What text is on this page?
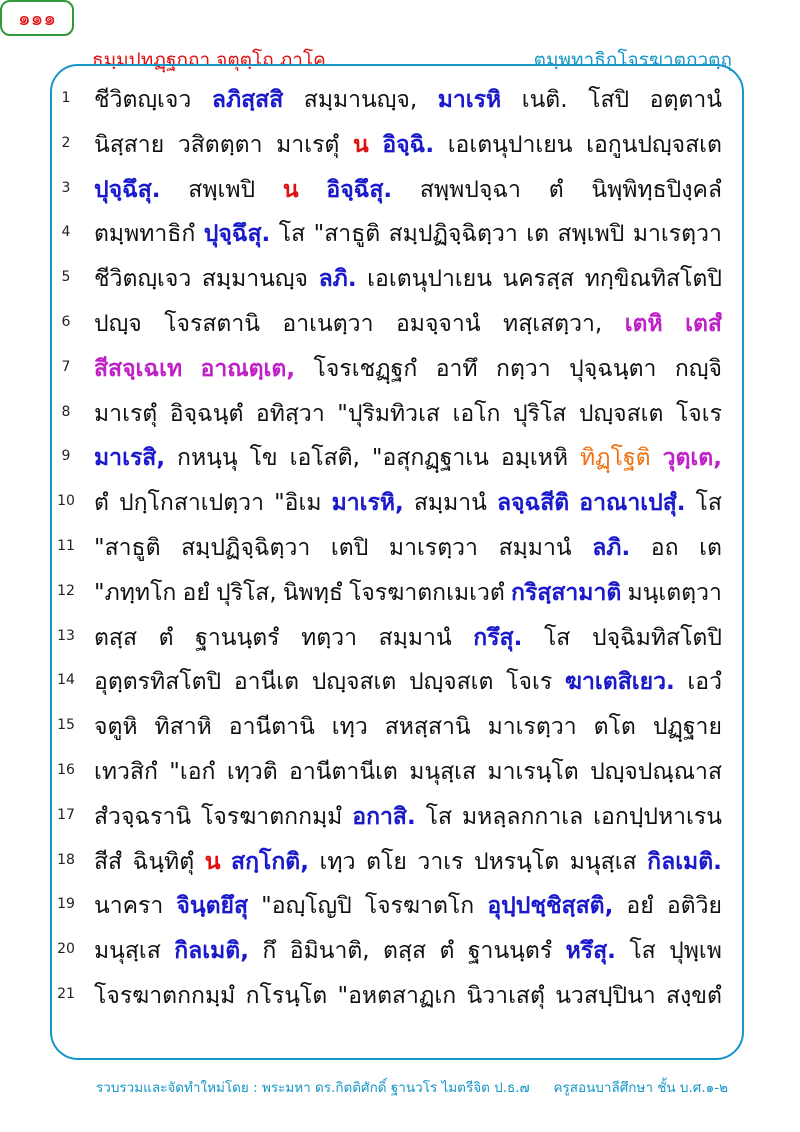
ธมฺมปทฏฺฐกถา จตุตฺโถ ภาโค
๑๑๑
ตมฺพทาธิกโจรฆาตกวตฺถุ
1	ชีวิตญฺเจว ลภิสฺสสิ สมฺมานญฺจ, มาเรหิ เนติ. โสปิ อตฺตานํ
2	นิสฺสาย วสิตตฺตา มาเรตุํ น อิจฺฉิ. เอเตนุปาเยน เอกูนปญฺจสเต
3	ปุจฺฉึสุ. สพฺเพปิ น อิจฺฉึสุ. สพฺพปจฺฉา ตํ นิพฺพิทฺธปิงฺคลํ
4	ตมฺพทาธิกํ ปุจฺฉึสุ. โส "สาธูติ สมฺปฏิจฺฉิตฺวา เต สพฺเพปิ มาเรตฺวา
5	ชีวิตญฺเจว สมฺมานญฺจ ลภิ. เอเตนุปาเยน นครสฺส ทกฺขิณทิสโตปิ
6	ปญฺจ โจรสตานิ อาเนตฺวา อมจฺจานํ ทสฺเสตฺวา, เตหิ เตสํ
7	สีสจฺเฉเท อาณตฺเต, โจรเชฏฺฐกํ อาทึ กตฺวา ปุจฺฉนฺตา กญฺจิ
8	มาเรตุํ อิจฺฉนฺตํ อทิสฺวา "ปุริมทิวเส เอโก ปุริโส ปญฺจสเต โจเร
9	มาเรสิ, กหนฺนุ โข เอโสติ, "อสุกฏฺฐาเน อมฺเหหิ ทิฏฺโฐติ วุตฺเต,
10 ตํ ปกฺโกสาเปตฺวา "อิเม มาเรหิ, สมฺมานํ ลจฺฉสีติ อาณาเปสุํ. โส
11 "สาธูติ สมฺปฏิจฺฉิตฺวา เตปิ มาเรตฺวา สมฺมานํ ลภิ. อถ เต
12 "ภทฺทโก อยํ ปุริโส, นิพทฺธํ โจรฆาตกเมเวตํ กริสฺสามาติ มนฺเตตฺวา
13 ตสฺส ตํ ฐานนฺตรํ ทตฺวา สมฺมานํ กรึสุ. โส ปจฺฉิมทิสโตปิ
14 อุตฺตรทิสโตปิ อานีเต ปญฺจสเต ปญฺจสเต โจเร ฆาเตสิเยว. เอวํ
15 จตูหิ ทิสาหิ อานีตานิ เทฺว สหสฺสานิ มาเรตฺวา ตโต ปฏฺฐาย
16 เทวสิกํ "เอกํ เทฺวติ อานีตานีเต มนุสฺเส มาเรนฺโต ปญฺจปณฺณาส
17 สํวจฺฉรานิ โจรฆาตกกมฺมํ อกาสิ. โส มหลฺลกกาเล เอกปฺปหาเรน
18 สีสํ ฉินฺทิตุํ น สกฺโกติ, เทฺว ตโย วาเร ปหรนฺโต มนุสฺเส กิลเมติ.
19 นาครา จินฺตยึสุ "อญฺโญปิ โจรฆาตโก อุปฺปชฺชิสฺสติ, อยํ อติวิย
20 มนุสฺเส กิลเมติ, กึ อิมินาติ, ตสฺส ตํ ฐานนฺตรํ หรึสุ. โส ปุพฺเพ
21 โจรฆาตกกมฺมํ กโรนฺโต "อหตสาฏเก นิวาเสตุํ นวสปฺปินา สงฺขตํ
รวบรวมและจัดทำใหม่โดย : พระมหา ดร.กิตติศักดิ์ ฐานวโร ไมตรีจิต ป.ธ.๗ ครูสอนบาลีศึกษา ชั้น บ.ศ.๑-๒
